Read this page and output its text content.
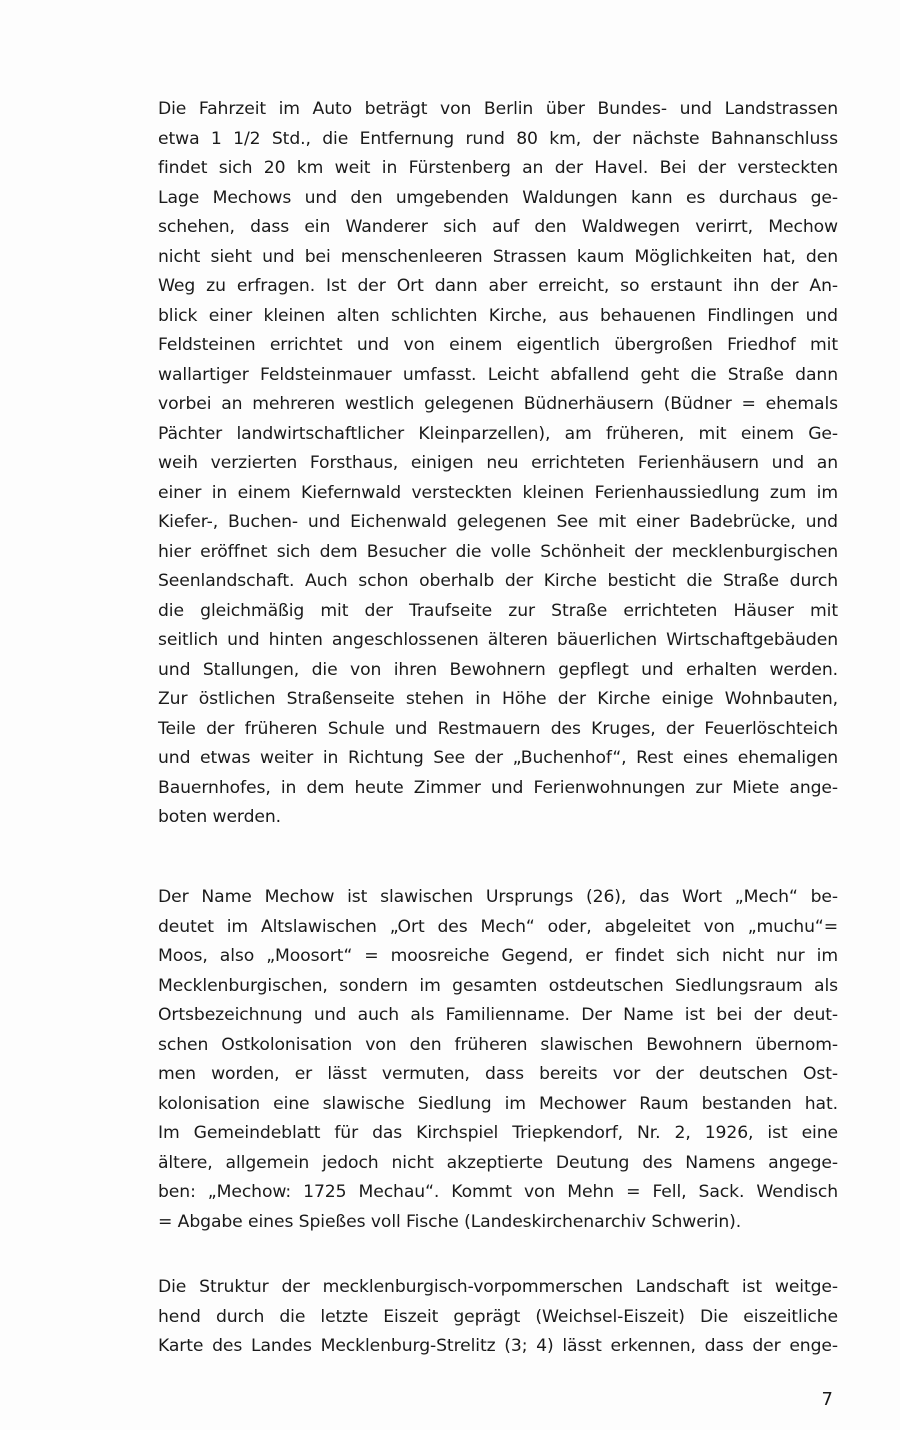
Die Fahrzeit im Auto beträgt von Berlin über Bundes- und Landstrassen
etwa 1 1/2 Std., die Entfernung rund 80 km, der nächste Bahnanschluss
findet sich 20 km weit in Fürstenberg an der Havel. Bei der versteckten
Lage Mechows und den umgebenden Waldungen kann es durchaus ge-
schehen, dass ein Wanderer sich auf den Waldwegen verirrt, Mechow
nicht sieht und bei menschenleeren Strassen kaum Möglichkeiten hat, den
Weg zu erfragen. Ist der Ort dann aber erreicht, so erstaunt ihn der An-
blick einer kleinen alten schlichten Kirche, aus behauenen Findlingen und
Feldsteinen errichtet und von einem eigentlich übergroßen Friedhof mit
wallartiger Feldsteinmauer umfasst. Leicht abfallend geht die Straße dann
vorbei an mehreren westlich gelegenen Büdnerhäusern (Büdner = ehemals
Pächter landwirtschaftlicher Kleinparzellen), am früheren, mit einem Ge-
weih verzierten Forsthaus, einigen neu errichteten Ferienhäusern und an
einer in einem Kiefernwald versteckten kleinen Ferienhaussiedlung zum im
Kiefer-, Buchen- und Eichenwald gelegenen See mit einer Badebrücke, und
hier eröffnet sich dem Besucher die volle Schönheit der mecklenburgischen
Seenlandschaft. Auch schon oberhalb der Kirche besticht die Straße durch
die gleichmäßig mit der Traufseite zur Straße errichteten Häuser mit
seitlich und hinten angeschlossenen älteren bäuerlichen Wirtschaftgebäuden
und Stallungen, die von ihren Bewohnern gepflegt und erhalten werden.
Zur östlichen Straßenseite stehen in Höhe der Kirche einige Wohnbauten,
Teile der früheren Schule und Restmauern des Kruges, der Feuerlöschteich
und etwas weiter in Richtung See der „Buchenhof“, Rest eines ehemaligen
Bauernhofes, in dem heute Zimmer und Ferienwohnungen zur Miete ange-
boten werden.
Der Name Mechow ist slawischen Ursprungs (26), das Wort „Mech“ be-
deutet im Altslawischen „Ort des Mech“ oder, abgeleitet von „muchu“=
Moos, also „Moosort“ = moosreiche Gegend, er findet sich nicht nur im
Mecklenburgischen, sondern im gesamten ostdeutschen Siedlungsraum als
Ortsbezeichnung und auch als Familienname. Der Name ist bei der deut-
schen Ostkolonisation von den früheren slawischen Bewohnern übernom-
men worden, er lässt vermuten, dass bereits vor der deutschen Ost-
kolonisation eine slawische Siedlung im Mechower Raum bestanden hat.
Im Gemeindeblatt für das Kirchspiel Triepkendorf, Nr. 2, 1926, ist eine
ältere, allgemein jedoch nicht akzeptierte Deutung des Namens angege-
ben: „Mechow: 1725 Mechau“. Kommt von Mehn = Fell, Sack. Wendisch
= Abgabe eines Spießes voll Fische (Landeskirchenarchiv Schwerin).
Die Struktur der mecklenburgisch-vorpommerschen Landschaft ist weitge-
hend durch die letzte Eiszeit geprägt (Weichsel-Eiszeit) Die eiszeitliche
Karte des Landes Mecklenburg-Strelitz (3; 4) lässt erkennen, dass der enge-
7
